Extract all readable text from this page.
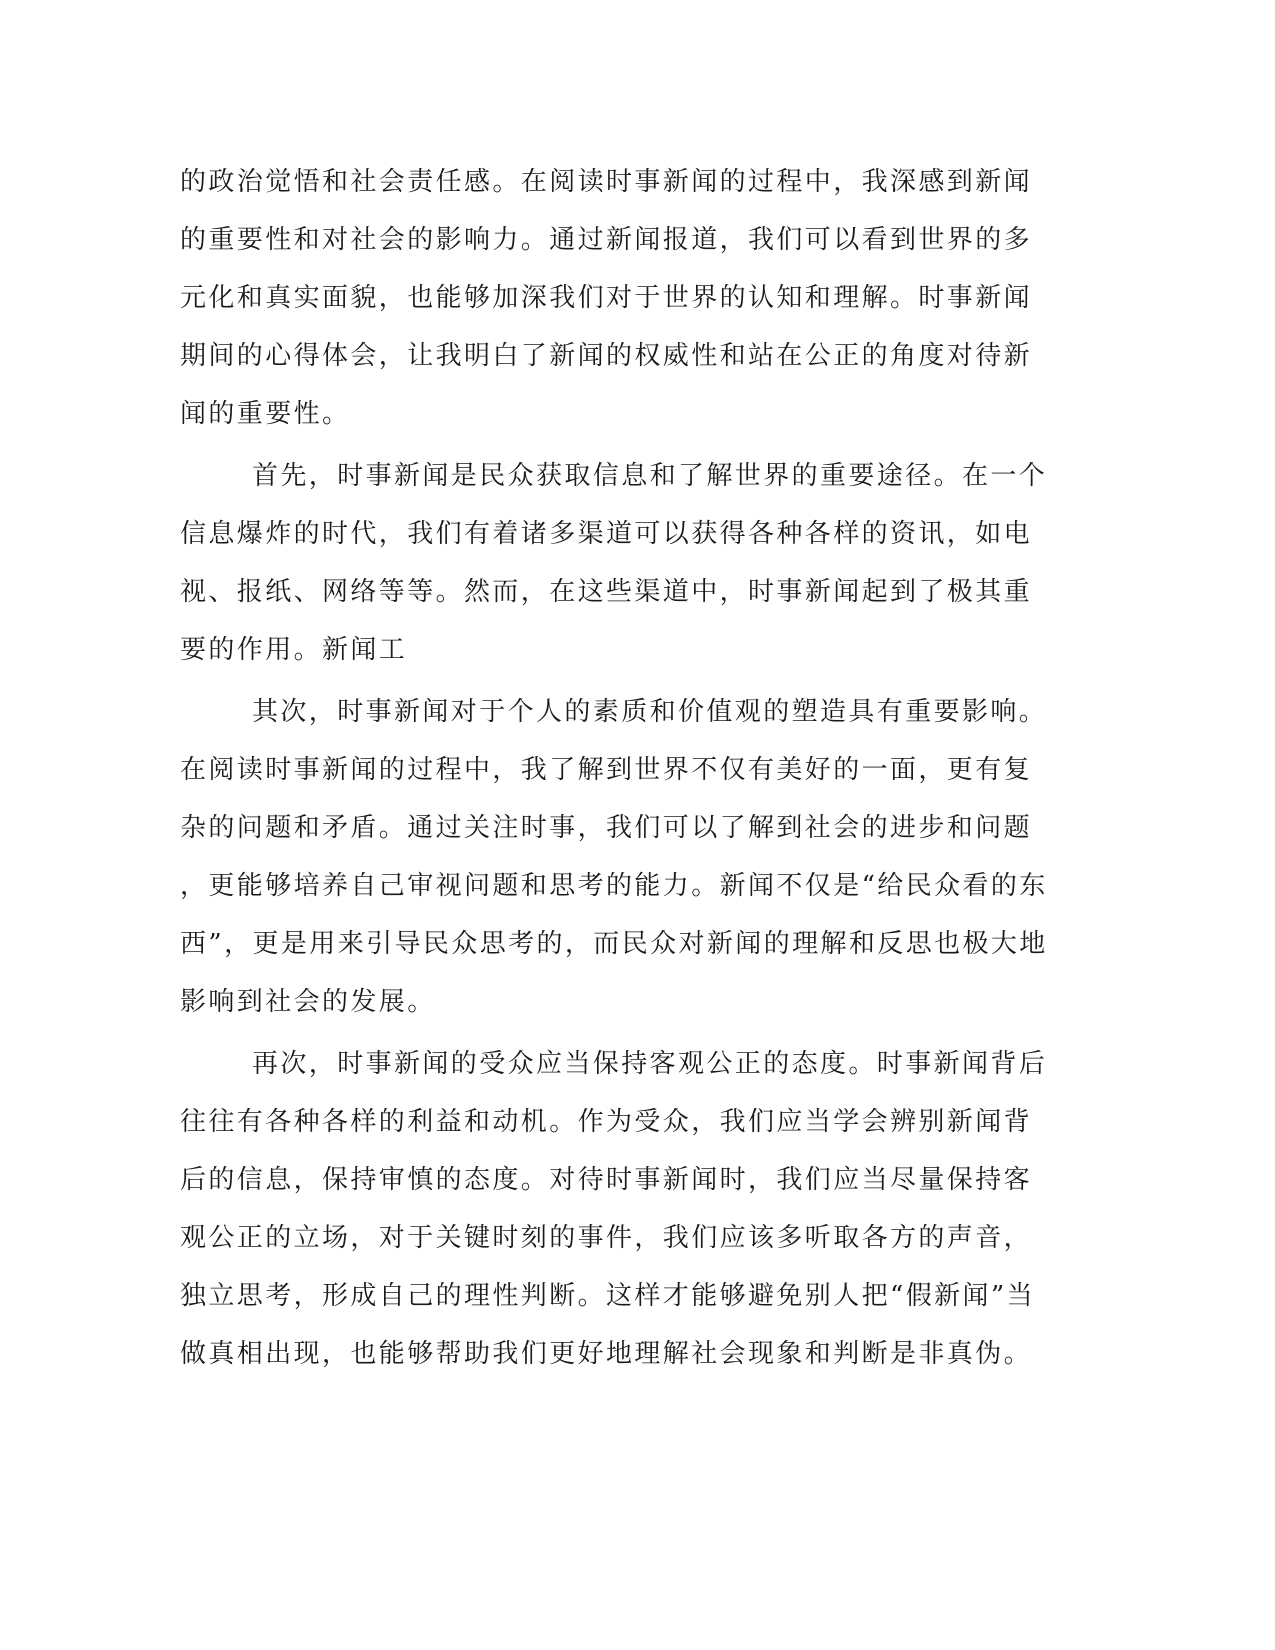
的政治觉悟和社会责任感。在阅读时事新闻的过程中，我深感到新闻
的重要性和对社会的影响力。通过新闻报道，我们可以看到世界的多
元化和真实面貌，也能够加深我们对于世界的认知和理解。时事新闻
期间的心得体会，让我明白了新闻的权威性和站在公正的角度对待新
闻的重要性。
首先，时事新闻是民众获取信息和了解世界的重要途径。在一个
信息爆炸的时代，我们有着诸多渠道可以获得各种各样的资讯，如电
视、报纸、网络等等。然而，在这些渠道中，时事新闻起到了极其重
要的作用。新闻工
其次，时事新闻对于个人的素质和价值观的塑造具有重要影响。
在阅读时事新闻的过程中，我了解到世界不仅有美好的一面，更有复
杂的问题和矛盾。通过关注时事，我们可以了解到社会的进步和问题
，更能够培养自己审视问题和思考的能力。新闻不仅是“给民众看的东
西”，更是用来引导民众思考的，而民众对新闻的理解和反思也极大地
影响到社会的发展。
再次，时事新闻的受众应当保持客观公正的态度。时事新闻背后
往往有各种各样的利益和动机。作为受众，我们应当学会辨别新闻背
后的信息，保持审慎的态度。对待时事新闻时，我们应当尽量保持客
观公正的立场，对于关键时刻的事件，我们应该多听取各方的声音，
独立思考，形成自己的理性判断。这样才能够避免别人把“假新闻”当
做真相出现，也能够帮助我们更好地理解社会现象和判断是非真伪。
